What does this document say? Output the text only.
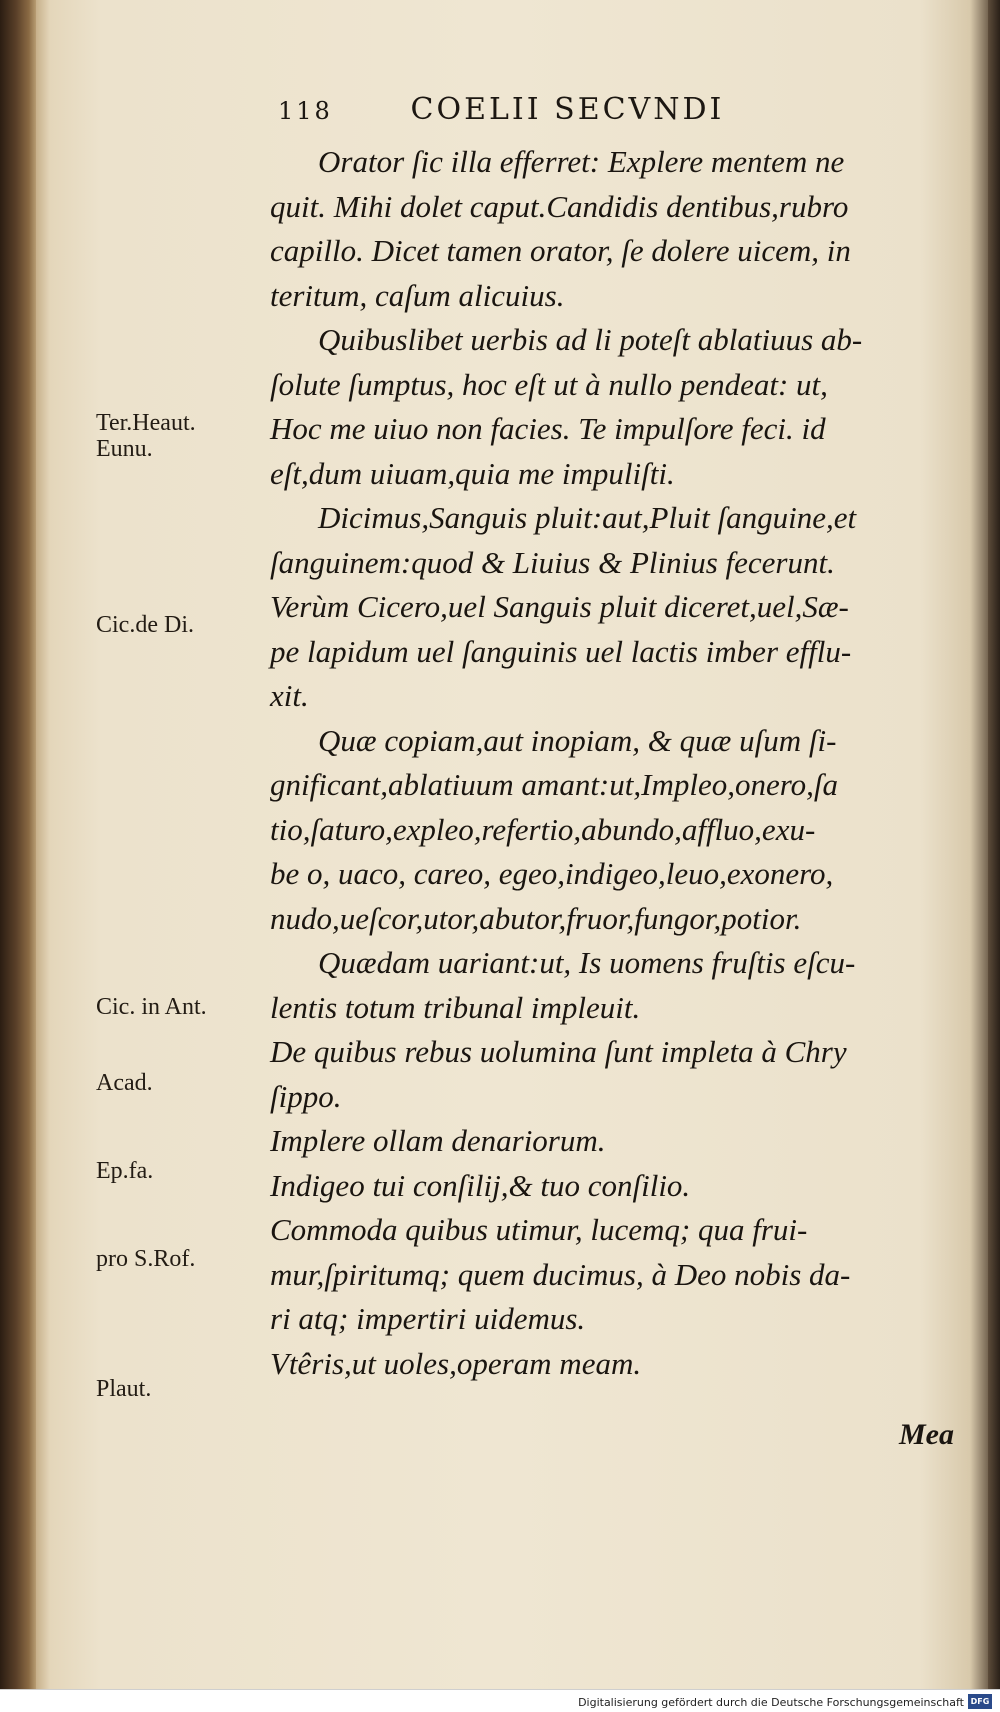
118	COELII SECVNDI
Ter.Heaut.
Eunu.
Cic.de Di.
Cic. in Ant.
Acad.
Ep.fa.
pro S.Rof.
Plaut.
Orator ſic illa efferret: Explere mentem ne
quit. Mihi dolet caput.Candidis dentibus,rubro
capillo. Dicet tamen orator, ſe dolere uicem, in
teritum, caſum alicuius.
Quibuslibet uerbis ad li poteſt ablatiuus ab-
ſolute ſumptus, hoc eſt ut à nullo pendeat: ut,
Hoc me uiuo non facies. Te impulſore feci. id
eſt,dum uiuam,quia me impuliſti.
Dicimus,Sanguis pluit:aut,Pluit ſanguine,et
ſanguinem:quod & Liuius & Plinius fecerunt.
Verùm Cicero,uel Sanguis pluit diceret,uel,Sæ-
pe lapidum uel ſanguinis uel lactis imber efflu-
xit.
Quæ copiam,aut inopiam, & quæ uſum ſi-
gnificant,ablatiuum amant:ut,Impleo,onero,ſa
tio,ſaturo,expleo,refertio,abundo,affluo,exu-
be o, uaco, careo, egeo,indigeo,leuo,exonero,
nudo,ueſcor,utor,abutor,fruor,fungor,potior.
Quædam uariant:ut, Is uomens fruſtis eſcu-
lentis totum tribunal impleuit.
De quibus rebus uolumina ſunt impleta à Chry
ſippo.
Implere ollam denariorum.
Indigeo tui conſilij,& tuo conſilio.
Commoda quibus utimur, lucemq; qua frui-
mur,ſpiritumq; quem ducimus, à Deo nobis da-
ri atq; impertiri uidemus.
Vtêris,ut uoles,operam meam.
Mea
Digitalisierung gefördert durch die Deutsche Forschungsgemeinschaft DFG
